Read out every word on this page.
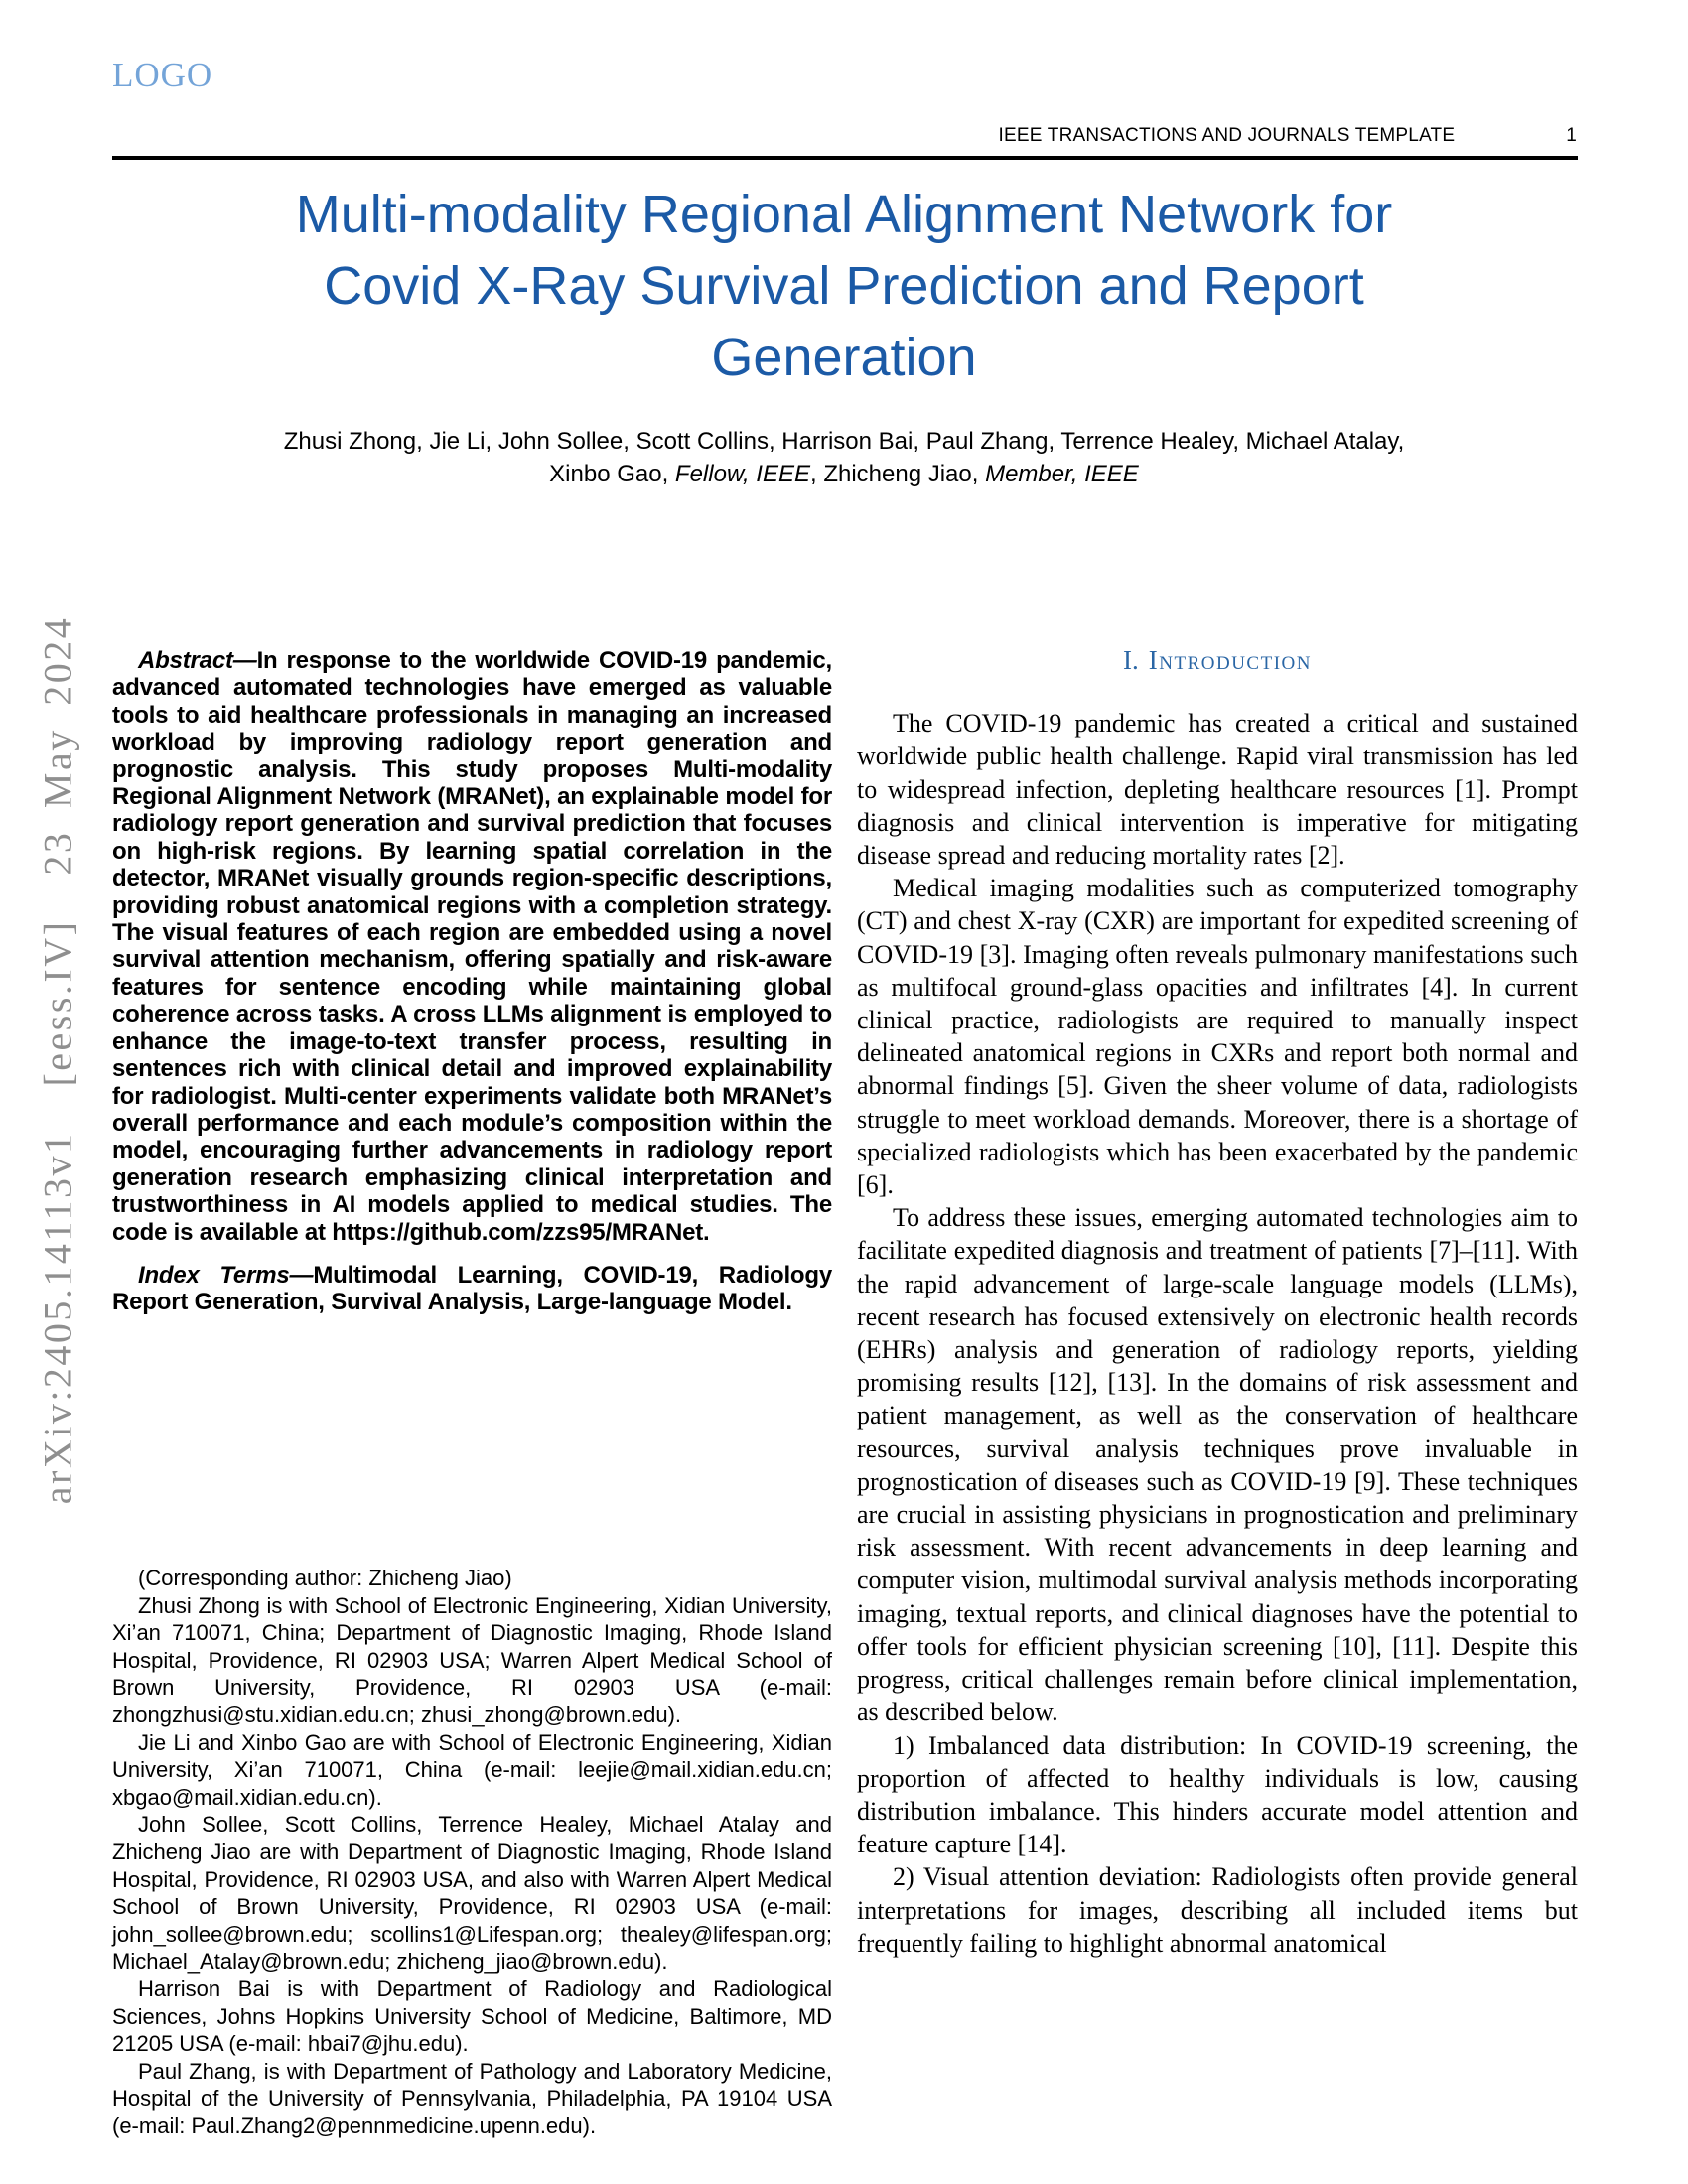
arXiv:2405.14113v1  [eess.IV]  23 May 2024
LOGO
IEEE TRANSACTIONS AND JOURNALS TEMPLATE	1
Multi-modality Regional Alignment Network for
Covid X-Ray Survival Prediction and Report
Generation
Zhusi Zhong, Jie Li, John Sollee, Scott Collins, Harrison Bai, Paul Zhang, Terrence Healey, Michael Atalay,
Xinbo Gao, Fellow, IEEE, Zhicheng Jiao, Member, IEEE

Abstract—In response to the worldwide COVID-19 pandemic, advanced automated technologies have emerged as valuable tools to aid healthcare professionals in managing an increased workload by improving radiology report generation and prognostic analysis. This study proposes Multi-modality Regional Alignment Network (MRANet), an explainable model for radiology report generation and survival prediction that focuses on high-risk regions. By learning spatial correlation in the detector, MRANet visually grounds region-specific descriptions, providing robust anatomical regions with a completion strategy. The visual features of each region are embedded using a novel survival attention mechanism, offering spatially and risk-aware features for sentence encoding while maintaining global coherence across tasks. A cross LLMs alignment is employed to enhance the image-to-text transfer process, resulting in sentences rich with clinical detail and improved explainability for radiologist. Multi-center experiments validate both MRANet’s overall performance and each module’s composition within the model, encouraging further advancements in radiology report generation research emphasizing clinical interpretation and trustworthiness in AI models applied to medical studies. The code is available at https://github.com/zzs95/MRANet.

Index Terms—Multimodal Learning, COVID-19, Radiology Report Generation, Survival Analysis, Large-language Model.

(Corresponding author: Zhicheng Jiao)

Zhusi Zhong is with School of Electronic Engineering, Xidian University, Xi’an 710071, China; Department of Diagnostic Imaging, Rhode Island Hospital, Providence, RI 02903 USA; Warren Alpert Medical School of Brown University, Providence, RI 02903 USA (e-mail: zhongzhusi@stu.xidian.edu.cn; zhusi_zhong@brown.edu).

Jie Li and Xinbo Gao are with School of Electronic Engineering, Xidian University, Xi’an 710071, China (e-mail: leejie@mail.xidian.edu.cn; xbgao@mail.xidian.edu.cn).

John Sollee, Scott Collins, Terrence Healey, Michael Atalay and Zhicheng Jiao are with Department of Diagnostic Imaging, Rhode Island Hospital, Providence, RI 02903 USA, and also with Warren Alpert Medical School of Brown University, Providence, RI 02903 USA (e-mail: john_sollee@brown.edu; scollins1@Lifespan.org; thealey@lifespan.org; Michael_Atalay@brown.edu; zhicheng_jiao@brown.edu).

Harrison Bai is with Department of Radiology and Radiological Sciences, Johns Hopkins University School of Medicine, Baltimore, MD 21205 USA (e-mail: hbai7@jhu.edu).

Paul Zhang, is with Department of Pathology and Laboratory Medicine, Hospital of the University of Pennsylvania, Philadelphia, PA 19104 USA (e-mail: Paul.Zhang2@pennmedicine.upenn.edu).

I. Introduction

The COVID-19 pandemic has created a critical and sustained worldwide public health challenge. Rapid viral transmission has led to widespread infection, depleting healthcare resources [1]. Prompt diagnosis and clinical intervention is imperative for mitigating disease spread and reducing mortality rates [2].

Medical imaging modalities such as computerized tomography (CT) and chest X-ray (CXR) are important for expedited screening of COVID-19 [3]. Imaging often reveals pulmonary manifestations such as multifocal ground-glass opacities and infiltrates [4]. In current clinical practice, radiologists are required to manually inspect delineated anatomical regions in CXRs and report both normal and abnormal findings [5]. Given the sheer volume of data, radiologists struggle to meet workload demands. Moreover, there is a shortage of specialized radiologists which has been exacerbated by the pandemic [6].

To address these issues, emerging automated technologies aim to facilitate expedited diagnosis and treatment of patients [7]–[11]. With the rapid advancement of large-scale language models (LLMs), recent research has focused extensively on electronic health records (EHRs) analysis and generation of radiology reports, yielding promising results [12], [13]. In the domains of risk assessment and patient management, as well as the conservation of healthcare resources, survival analysis techniques prove invaluable in prognostication of diseases such as COVID-19 [9]. These techniques are crucial in assisting physicians in prognostication and preliminary risk assessment. With recent advancements in deep learning and computer vision, multimodal survival analysis methods incorporating imaging, textual reports, and clinical diagnoses have the potential to offer tools for efficient physician screening [10], [11]. Despite this progress, critical challenges remain before clinical implementation, as described below.

1) Imbalanced data distribution: In COVID-19 screening, the proportion of affected to healthy individuals is low, causing distribution imbalance. This hinders accurate model attention and feature capture [14].

2) Visual attention deviation: Radiologists often provide general interpretations for images, describing all included items but frequently failing to highlight abnormal anatomical
